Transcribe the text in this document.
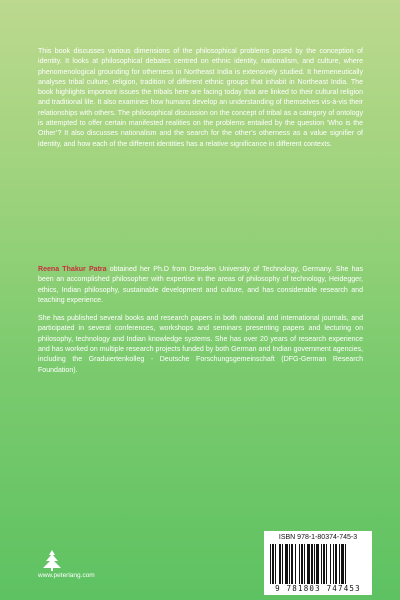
This book discusses various dimensions of the philosophical problems posed by the conception of identity. It looks at philosophical debates centred on ethnic identity, nationalism, and culture, where phenomenological grounding for otherness in Northeast India is extensively studied. It hermeneutically analyses tribal culture, religion, tradition of different ethnic groups that inhabit in Northeast India. The book highlights important issues the tribals here are facing today that are linked to their cultural religion and traditional life. It also examines how humans develop an understanding of themselves vis-à-vis their relationships with others. The philosophical discussion on the concept of tribal as a category of ontology is attempted to offer certain manifested realities on the problems entailed by the question ‘Who is the Other’? It also discusses nationalism and the search for the other’s otherness as a value signifier of identity, and how each of the different identities has a relative significance in different contexts.

Reena Thakur Patra obtained her Ph.D from Dresden University of Technology, Germany. She has been an accomplished philosopher with expertise in the areas of philosophy of technology, Heidegger, ethics, Indian philosophy, sustainable development and culture, and has considerable research and teaching experience.

She has published several books and research papers in both national and international journals, and participated in several conferences, workshops and seminars presenting papers and lecturing on philosophy, technology and Indian knowledge systems. She has over 20 years of research experience and has worked on multiple research projects funded by both German and Indian government agencies, including the Graduiertenkolleg - Deutsche Forschungsgemeinschaft (DFG-German Research Foundation).

www.peterlang.com
ISBN 978-1-80374-745-3
9 781803 747453
